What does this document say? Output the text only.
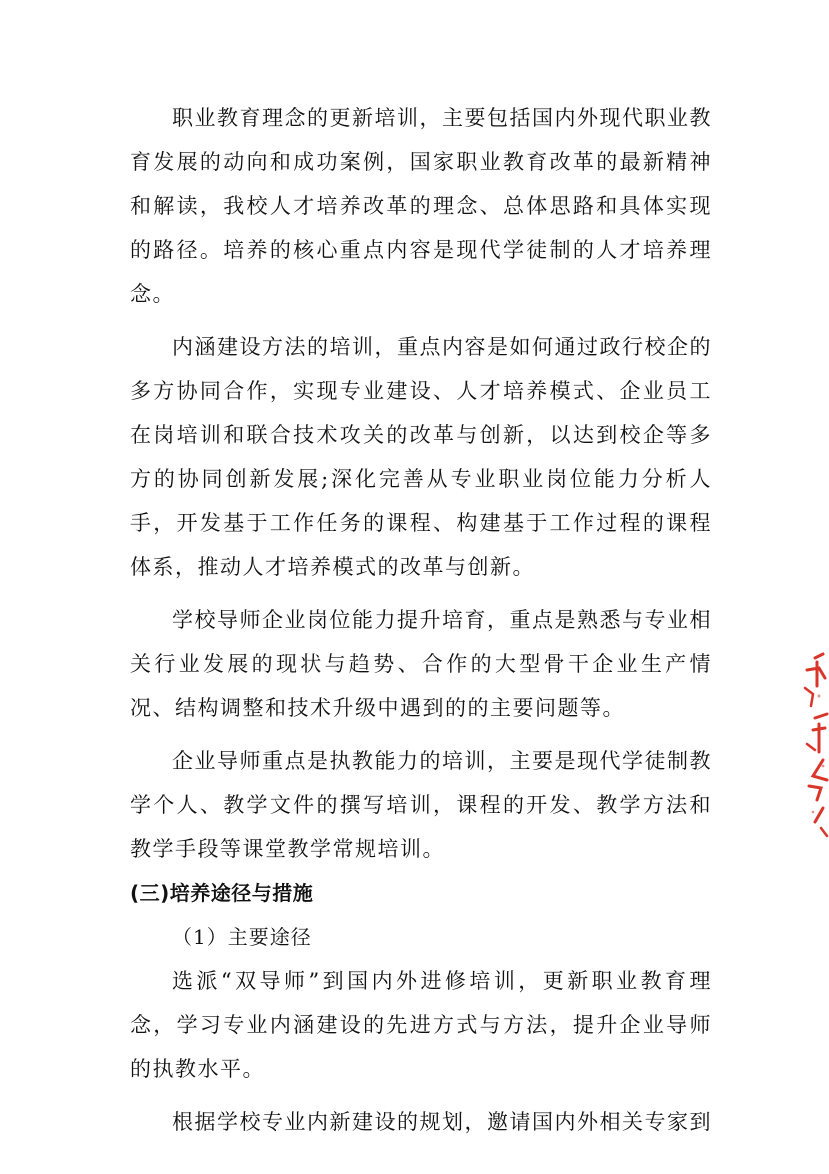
职业教育理念的更新培训，主要包括国内外现代职业教育发展的动向和成功案例，国家职业教育改革的最新精神和解读，我校人才培养改革的理念、总体思路和具体实现的路径。培养的核心重点内容是现代学徒制的人才培养理念。

内涵建设方法的培训，重点内容是如何通过政行校企的多方协同合作，实现专业建设、人才培养模式、企业员工在岗培训和联合技术攻关的改革与创新，以达到校企等多方的协同创新发展;深化完善从专业职业岗位能力分析人手，开发基于工作任务的课程、构建基于工作过程的课程体系，推动人才培养模式的改革与创新。

学校导师企业岗位能力提升培育，重点是熟悉与专业相关行业发展的现状与趋势、合作的大型骨干企业生产情况、结构调整和技术升级中遇到的的主要问题等。

企业导师重点是执教能力的培训，主要是现代学徒制教学个人、教学文件的撰写培训，课程的开发、教学方法和教学手段等课堂教学常规培训。

(三)培养途径与措施

（1）主要途径

选派“双导师”到国内外进修培训，更新职业教育理念，学习专业内涵建设的先进方式与方法，提升企业导师的执教水平。

根据学校专业内新建设的规划，邀请国内外相关专家到
